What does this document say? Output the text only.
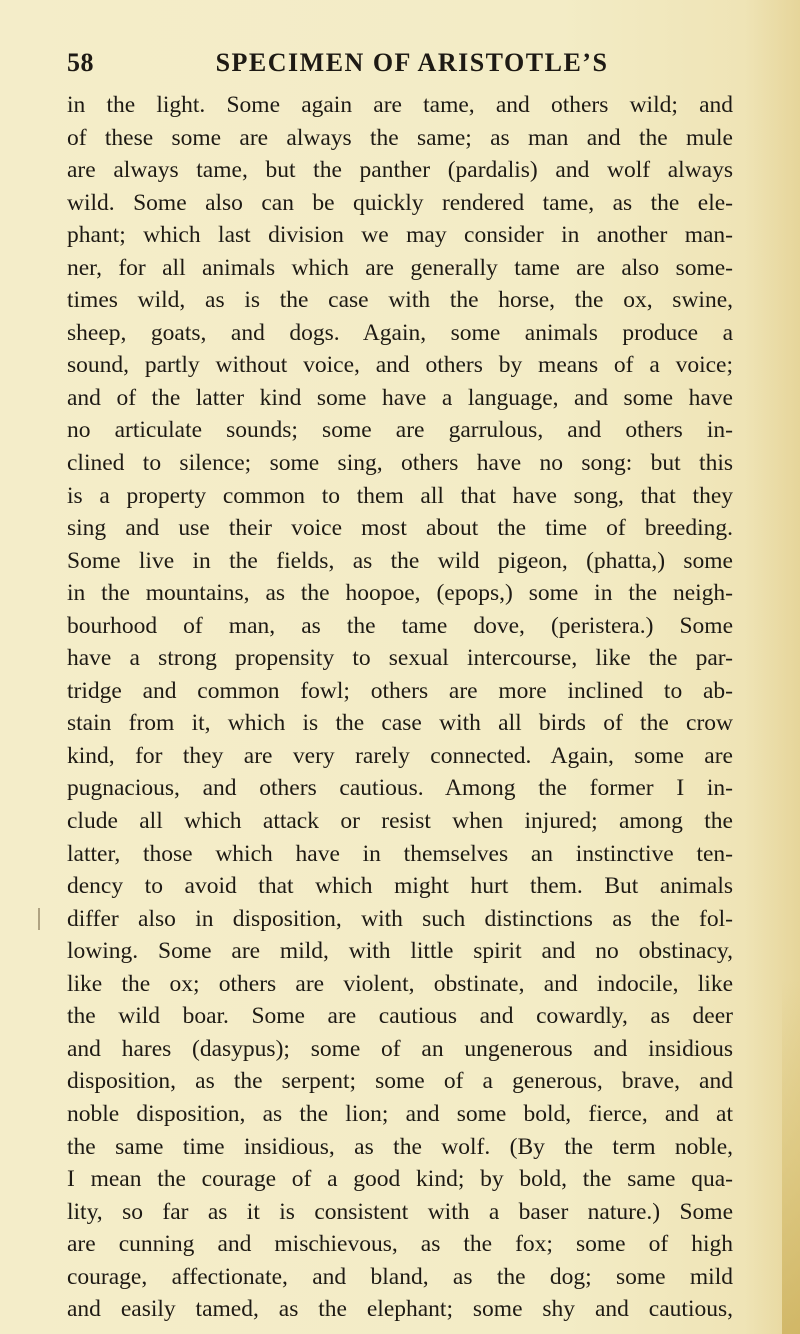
58	SPECIMEN OF ARISTOTLE’S
in the light. Some again are tame, and others wild; and
of these some are always the same; as man and the mule
are always tame, but the panther (pardalis) and wolf always
wild. Some also can be quickly rendered tame, as the ele-
phant; which last division we may consider in another man-
ner, for all animals which are generally tame are also some-
times wild, as is the case with the horse, the ox, swine,
sheep, goats, and dogs. Again, some animals produce a
sound, partly without voice, and others by means of a voice;
and of the latter kind some have a language, and some have
no articulate sounds; some are garrulous, and others in-
clined to silence; some sing, others have no song: but this
is a property common to them all that have song, that they
sing and use their voice most about the time of breeding.
Some live in the fields, as the wild pigeon, (phatta,) some
in the mountains, as the hoopoe, (epops,) some in the neigh-
bourhood of man, as the tame dove, (peristera.) Some
have a strong propensity to sexual intercourse, like the par-
tridge and common fowl; others are more inclined to ab-
stain from it, which is the case with all birds of the crow
kind, for they are very rarely connected. Again, some are
pugnacious, and others cautious. Among the former I in-
clude all which attack or resist when injured; among the
latter, those which have in themselves an instinctive ten-
dency to avoid that which might hurt them. But animals
differ also in disposition, with such distinctions as the fol-
lowing. Some are mild, with little spirit and no obstinacy,
like the ox; others are violent, obstinate, and indocile, like
the wild boar. Some are cautious and cowardly, as deer
and hares (dasypus); some of an ungenerous and insidious
disposition, as the serpent; some of a generous, brave, and
noble disposition, as the lion; and some bold, fierce, and at
the same time insidious, as the wolf. (By the term noble,
I mean the courage of a good kind; by bold, the same qua-
lity, so far as it is consistent with a baser nature.) Some
are cunning and mischievous, as the fox; some of high
courage, affectionate, and bland, as the dog; some mild
and easily tamed, as the elephant; some shy and cautious,
